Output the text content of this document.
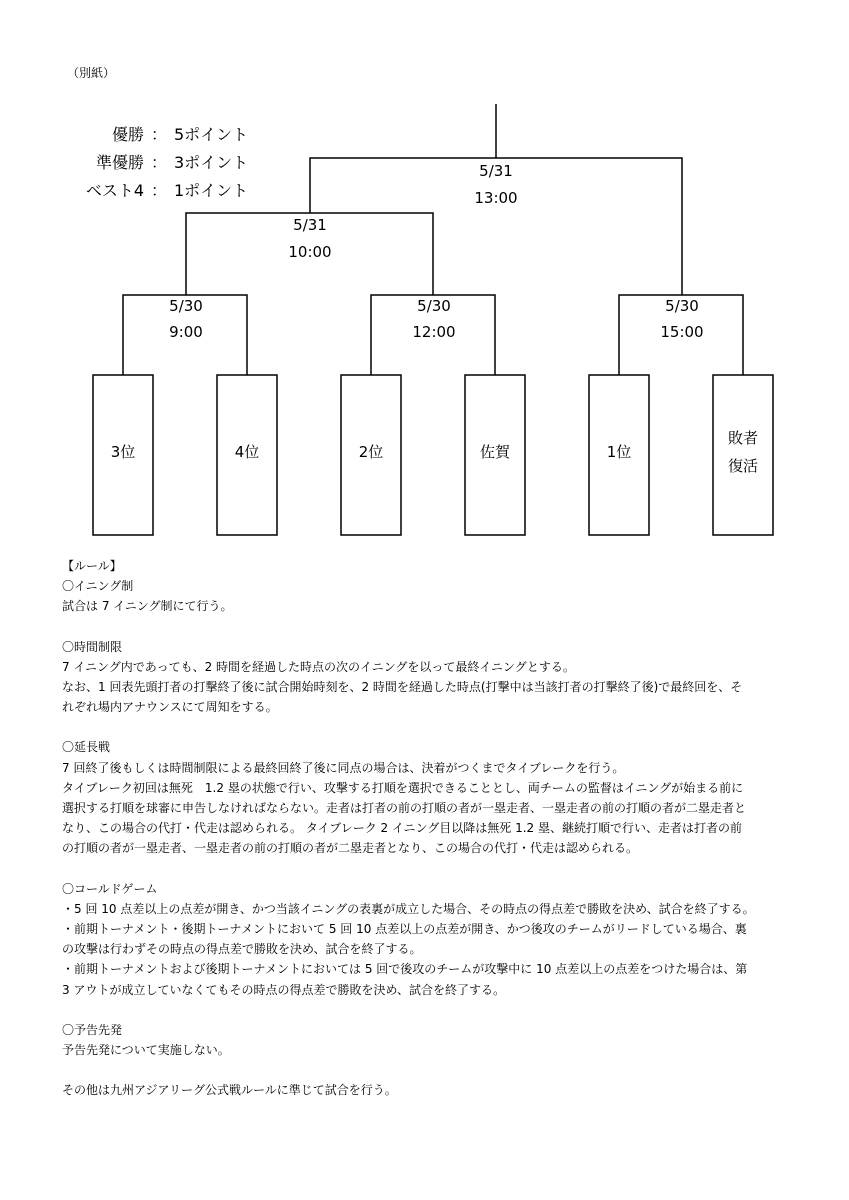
（別紙）
優勝 ： 5ポイント
準優勝 ： 3ポイント
ベスト4 ： 1ポイント
3位	4位	2位	佐賀	1位
敗者
復活
5/30
9:00
5/30
12:00
5/30
15:00
5/31
10:00
5/31
13:00

【ルール】

〇イニング制

試合は 7 イニング制にて行う。

〇時間制限

7 イニング内であっても、2 時間を経過した時点の次のイニングを以って最終イニングとする。

なお、1 回表先頭打者の打撃終了後に試合開始時刻を、2 時間を経過した時点(打撃中は当該打者の打撃終了後)で最終回を、そ

れぞれ場内アナウンスにて周知をする。

〇延長戦

7 回終了後もしくは時間制限による最終回終了後に同点の場合は、決着がつくまでタイブレークを行う。

タイブレーク初回は無死　1.2 塁の状態で行い、攻撃する打順を選択できることとし、両チームの監督はイニングが始まる前に

選択する打順を球審に申告しなければならない。走者は打者の前の打順の者が一塁走者、一塁走者の前の打順の者が二塁走者と

なり、この場合の代打・代走は認められる。 タイブレーク 2 イニング目以降は無死 1.2 塁、継続打順で行い、走者は打者の前

の打順の者が一塁走者、一塁走者の前の打順の者が二塁走者となり、この場合の代打・代走は認められる。

〇コールドゲーム

・5 回 10 点差以上の点差が開き、かつ当該イニングの表裏が成立した場合、その時点の得点差で勝敗を決め、試合を終了する。

・前期トーナメント・後期トーナメントにおいて 5 回 10 点差以上の点差が開き、かつ後攻のチームがリードしている場合、裏

の攻撃は行わずその時点の得点差で勝敗を決め、試合を終了する。

・前期トーナメントおよび後期トーナメントにおいては 5 回で後攻のチームが攻撃中に 10 点差以上の点差をつけた場合は、第

3 アウトが成立していなくてもその時点の得点差で勝敗を決め、試合を終了する。

〇予告先発

予告先発について実施しない。

その他は九州アジアリーグ公式戦ルールに準じて試合を行う。
